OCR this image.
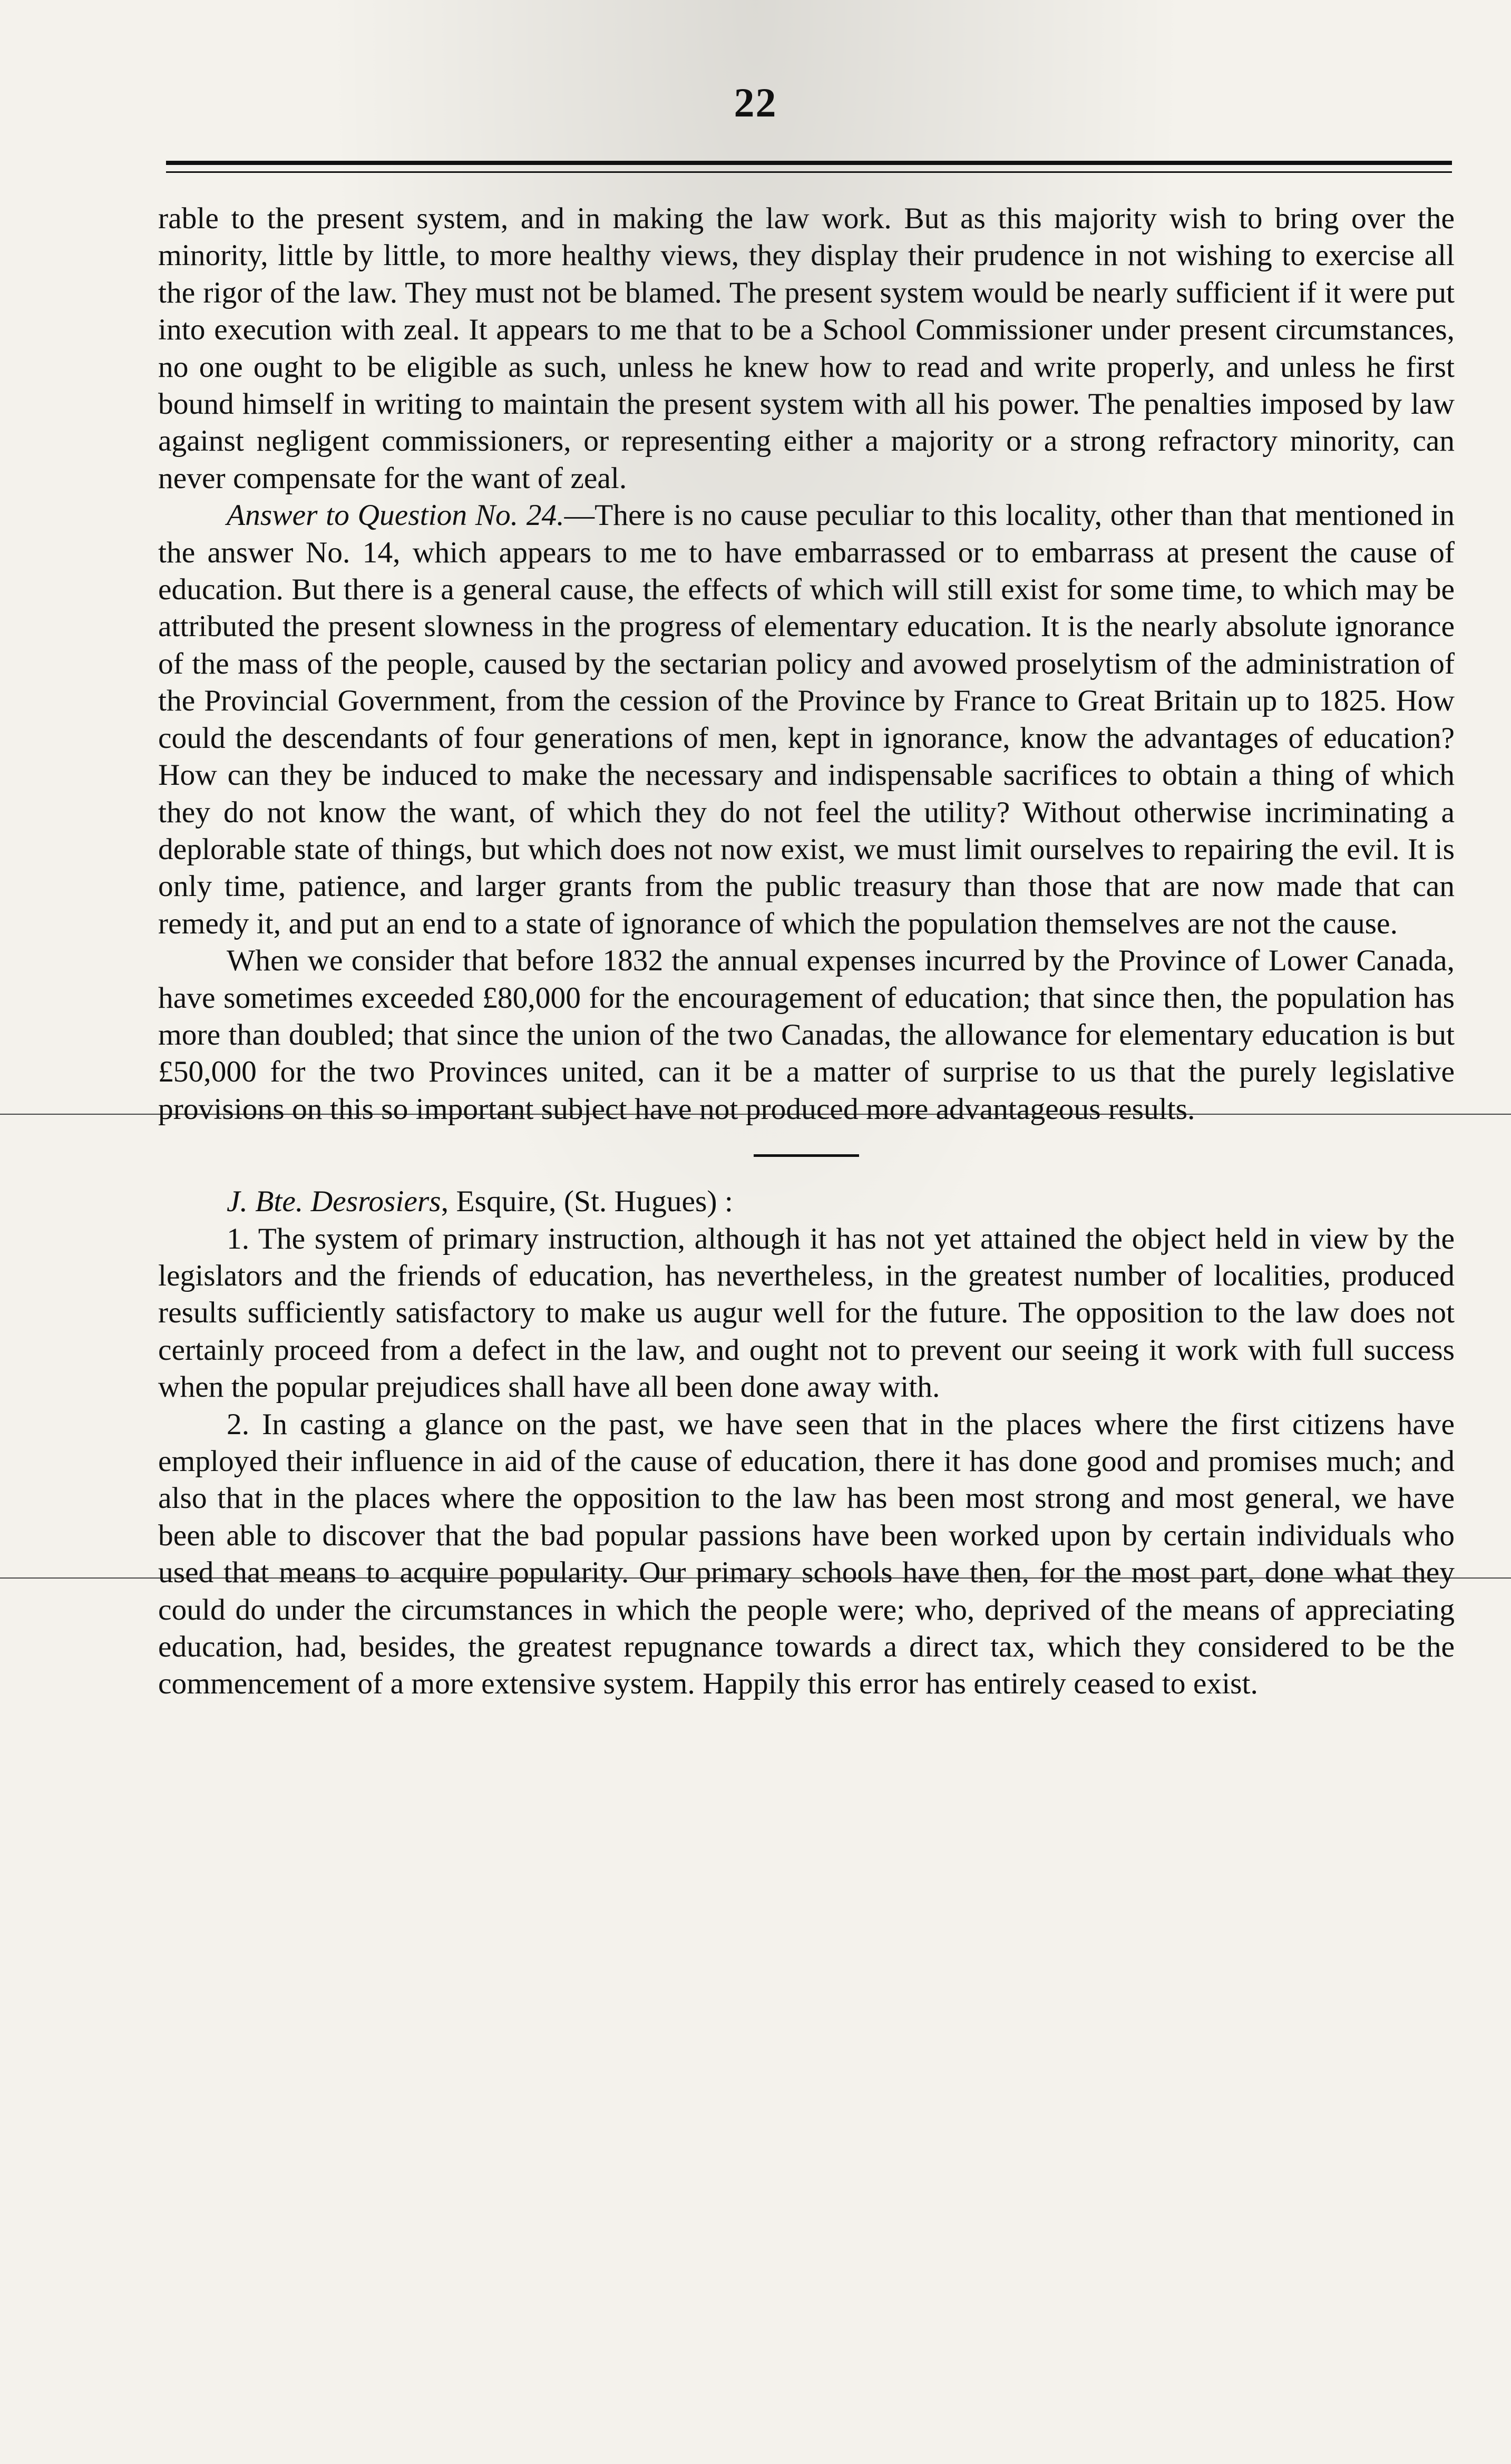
22

rable to the present system, and in making the law work. But as this majority wish to bring over the minority, little by little, to more healthy views, they display their prudence in not wishing to exercise all the rigor of the law. They must not be blamed. The present system would be nearly sufficient if it were put into execution with zeal. It appears to me that to be a School Commissioner under present circumstances, no one ought to be eligible as such, unless he knew how to read and write properly, and unless he first bound himself in writing to maintain the present system with all his power. The penalties imposed by law against negligent commissioners, or representing either a majority or a strong refractory minority, can never compensate for the want of zeal.

Answer to Question No. 24.—There is no cause peculiar to this locality, other than that mentioned in the answer No. 14, which appears to me to have embarrassed or to embarrass at present the cause of education. But there is a general cause, the effects of which will still exist for some time, to which may be attributed the present slowness in the progress of elementary education. It is the nearly absolute ignorance of the mass of the people, caused by the sectarian policy and avowed proselytism of the administration of the Provincial Government, from the cession of the Province by France to Great Britain up to 1825. How could the descendants of four generations of men, kept in ignorance, know the advantages of education? How can they be induced to make the necessary and indispensable sacrifices to obtain a thing of which they do not know the want, of which they do not feel the utility? Without otherwise incriminating a deplorable state of things, but which does not now exist, we must limit ourselves to repairing the evil. It is only time, patience, and larger grants from the public treasury than those that are now made that can remedy it, and put an end to a state of ignorance of which the population themselves are not the cause.

When we consider that before 1832 the annual expenses incurred by the Province of Lower Canada, have sometimes exceeded £80,000 for the encouragement of education; that since then, the population has more than doubled; that since the union of the two Canadas, the allowance for elementary education is but £50,000 for the two Provinces united, can it be a matter of surprise to us that the purely legislative provisions on this so important subject have not produced more advantageous results.

J. Bte. Desrosiers, Esquire, (St. Hugues) :

1. The system of primary instruction, although it has not yet attained the object held in view by the legislators and the friends of education, has nevertheless, in the greatest number of localities, produced results sufficiently satisfactory to make us augur well for the future. The opposition to the law does not certainly proceed from a defect in the law, and ought not to prevent our seeing it work with full success when the popular prejudices shall have all been done away with.

2. In casting a glance on the past, we have seen that in the places where the first citizens have employed their influence in aid of the cause of education, there it has done good and promises much; and also that in the places where the opposition to the law has been most strong and most general, we have been able to discover that the bad popular passions have been worked upon by certain individuals who used that means to acquire popularity. Our primary schools have then, for the most part, done what they could do under the circumstances in which the people were; who, deprived of the means of appreciating education, had, besides, the greatest repugnance towards a direct tax, which they considered to be the commencement of a more extensive system. Happily this error has entirely ceased to exist.
